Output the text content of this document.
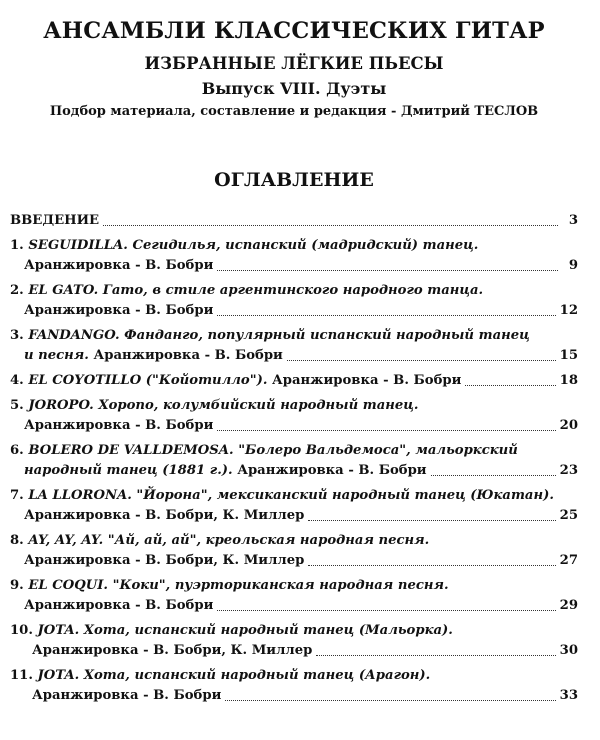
АНСАМБЛИ КЛАССИЧЕСКИХ ГИТАР
ИЗБРАННЫЕ ЛЁГКИЕ ПЬЕСЫ
Выпуск VIII. Дуэты
Подбор материала, составление и редакция - Дмитрий ТЕСЛОВ
ОГЛАВЛЕНИЕ
ВВЕДЕНИЕ	3
1. SEGUIDILLA. Сегидилья, испанский (мадридский) танец.
Аранжировка - В. Бобри	9
2. EL GATO. Гато, в стиле аргентинского народного танца.
Аранжировка - В. Бобри	12
3. FANDANGO. Фанданго, популярный испанский народный танец
и песня. Аранжировка - В. Бобри	15
4. EL COYOTILLO ("Койотилло"). Аранжировка - В. Бобри	18
5. JOROPO. Хоропо, колумбийский народный танец.
Аранжировка - В. Бобри	20
6. BOLERO DE VALLDEMOSA. "Болеро Вальдемоса", мальоркский
народный танец (1881 г.). Аранжировка - В. Бобри	23
7. LA LLORONA. "Йорона", мексиканский народный танец (Юкатан).
Аранжировка - В. Бобри, К. Миллер	25
8. AY, AY, AY. "Ай, ай, ай", креольская народная песня.
Аранжировка - В. Бобри, К. Миллер	27
9. EL COQUI. "Коки", пуэрториканская народная песня.
Аранжировка - В. Бобри	29
10. JOTA. Хота, испанский народный танец (Мальорка).
Аранжировка - В. Бобри, К. Миллер	30
11. JOTA. Хота, испанский народный танец (Арагон).
Аранжировка - В. Бобри	33
